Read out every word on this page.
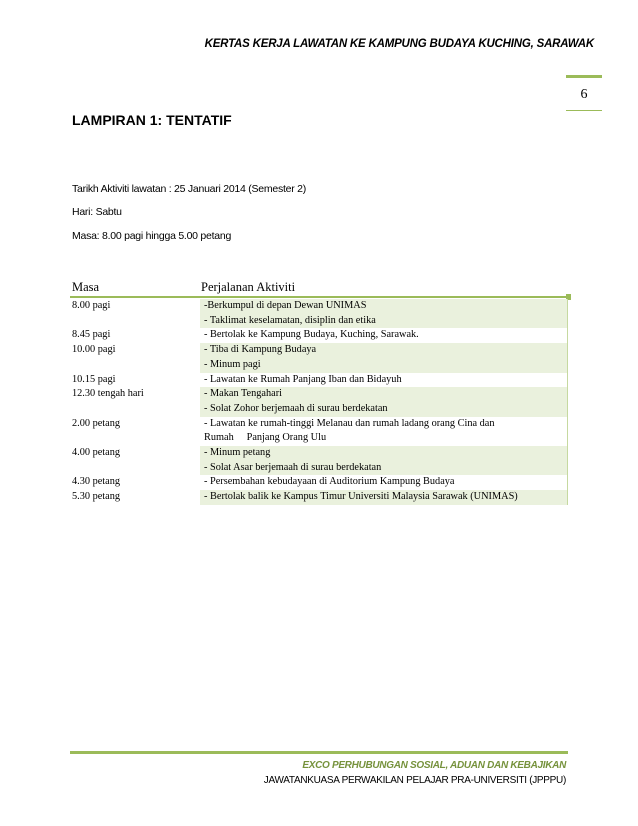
KERTAS KERJA LAWATAN KE KAMPUNG BUDAYA KUCHING, SARAWAK
6
LAMPIRAN 1: TENTATIF
Tarikh Aktiviti lawatan : 25 Januari 2014 (Semester 2)
Hari: Sabtu
Masa: 8.00 pagi hingga 5.00 petang
Masa	Perjalanan Aktiviti
8.00 pagi	-Berkumpul di depan Dewan UNIMAS
	- Taklimat keselamatan, disiplin dan etika
8.45 pagi	- Bertolak ke Kampung Budaya, Kuching, Sarawak.
10.00 pagi	- Tiba di Kampung Budaya
	- Minum pagi
10.15 pagi	- Lawatan ke Rumah Panjang Iban dan Bidayuh
12.30 tengah hari	- Makan Tengahari
	- Solat Zohor berjemaah di surau berdekatan
2.00 petang	- Lawatan ke rumah-tinggi Melanau dan rumah ladang orang Cina dan
	Rumah     Panjang Orang Ulu
4.00 petang	- Minum petang
	- Solat Asar berjemaah di surau berdekatan
4.30 petang	- Persembahan kebudayaan di Auditorium Kampung Budaya
5.30 petang	- Bertolak balik ke Kampus Timur Universiti Malaysia Sarawak (UNIMAS)
EXCO PERHUBUNGAN SOSIAL, ADUAN DAN KEBAJIKAN
JAWATANKUASA PERWAKILAN PELAJAR PRA-UNIVERSITI (JPPPU)
